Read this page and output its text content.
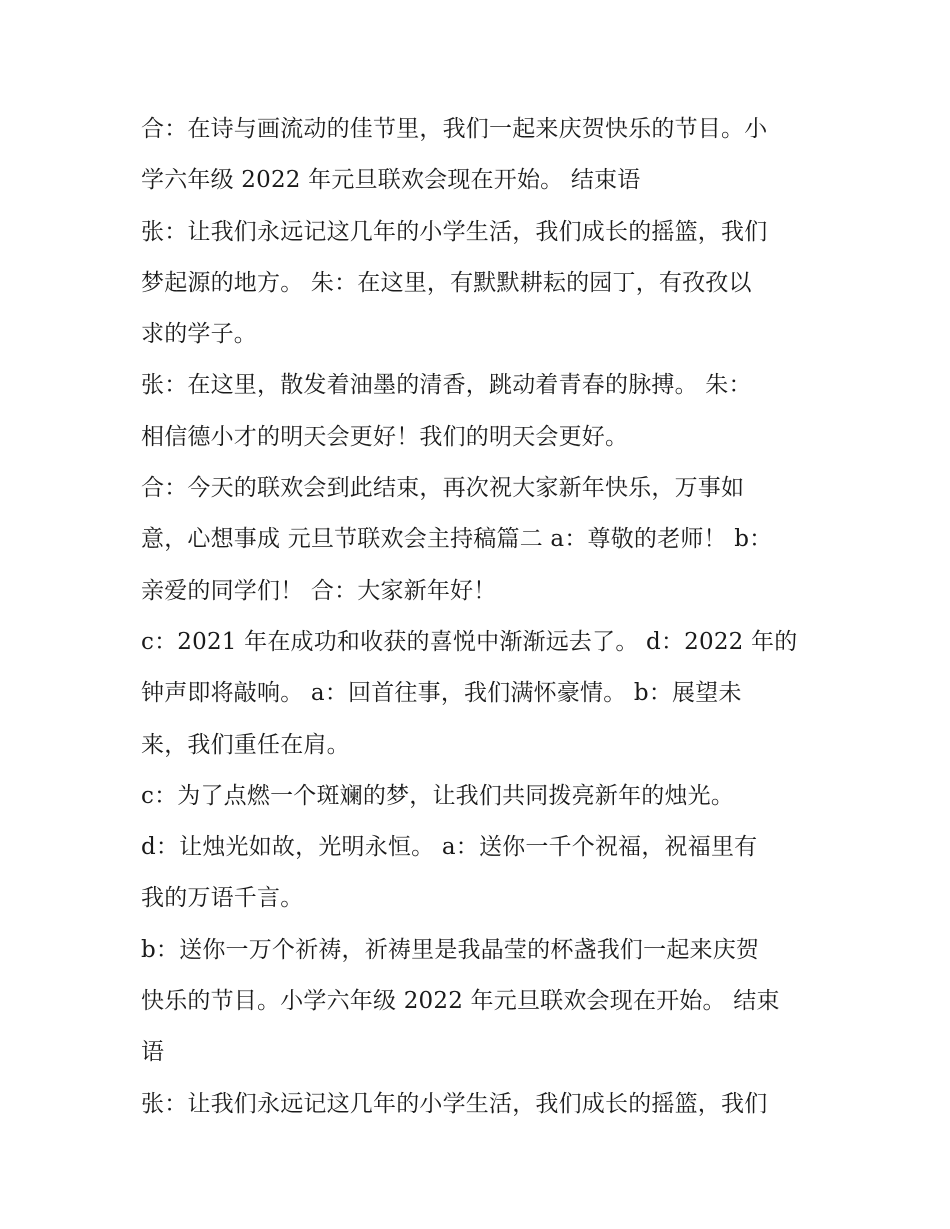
合：在诗与画流动的佳节里，我们一起来庆贺快乐的节目。小
学六年级 2022 年元旦联欢会现在开始。 结束语
张：让我们永远记这几年的小学生活，我们成长的摇篮，我们
梦起源的地方。 朱：在这里，有默默耕耘的园丁，有孜孜以
求的学子。
张：在这里，散发着油墨的清香，跳动着青春的脉搏。 朱：
相信德小才的明天会更好！我们的明天会更好。
合：今天的联欢会到此结束，再次祝大家新年快乐，万事如
意，心想事成 元旦节联欢会主持稿篇二 a：尊敬的老师！ b：
亲爱的同学们！ 合：大家新年好！
c：2021 年在成功和收获的喜悦中渐渐远去了。 d：2022 年的
钟声即将敲响。 a：回首往事，我们满怀豪情。 b：展望未
来，我们重任在肩。
c：为了点燃一个斑斓的梦，让我们共同拨亮新年的烛光。
d：让烛光如故，光明永恒。 a：送你一千个祝福，祝福里有
我的万语千言。
b：送你一万个祈祷，祈祷里是我晶莹的杯盏我们一起来庆贺
快乐的节目。小学六年级 2022 年元旦联欢会现在开始。 结束
语
张：让我们永远记这几年的小学生活，我们成长的摇篮，我们
